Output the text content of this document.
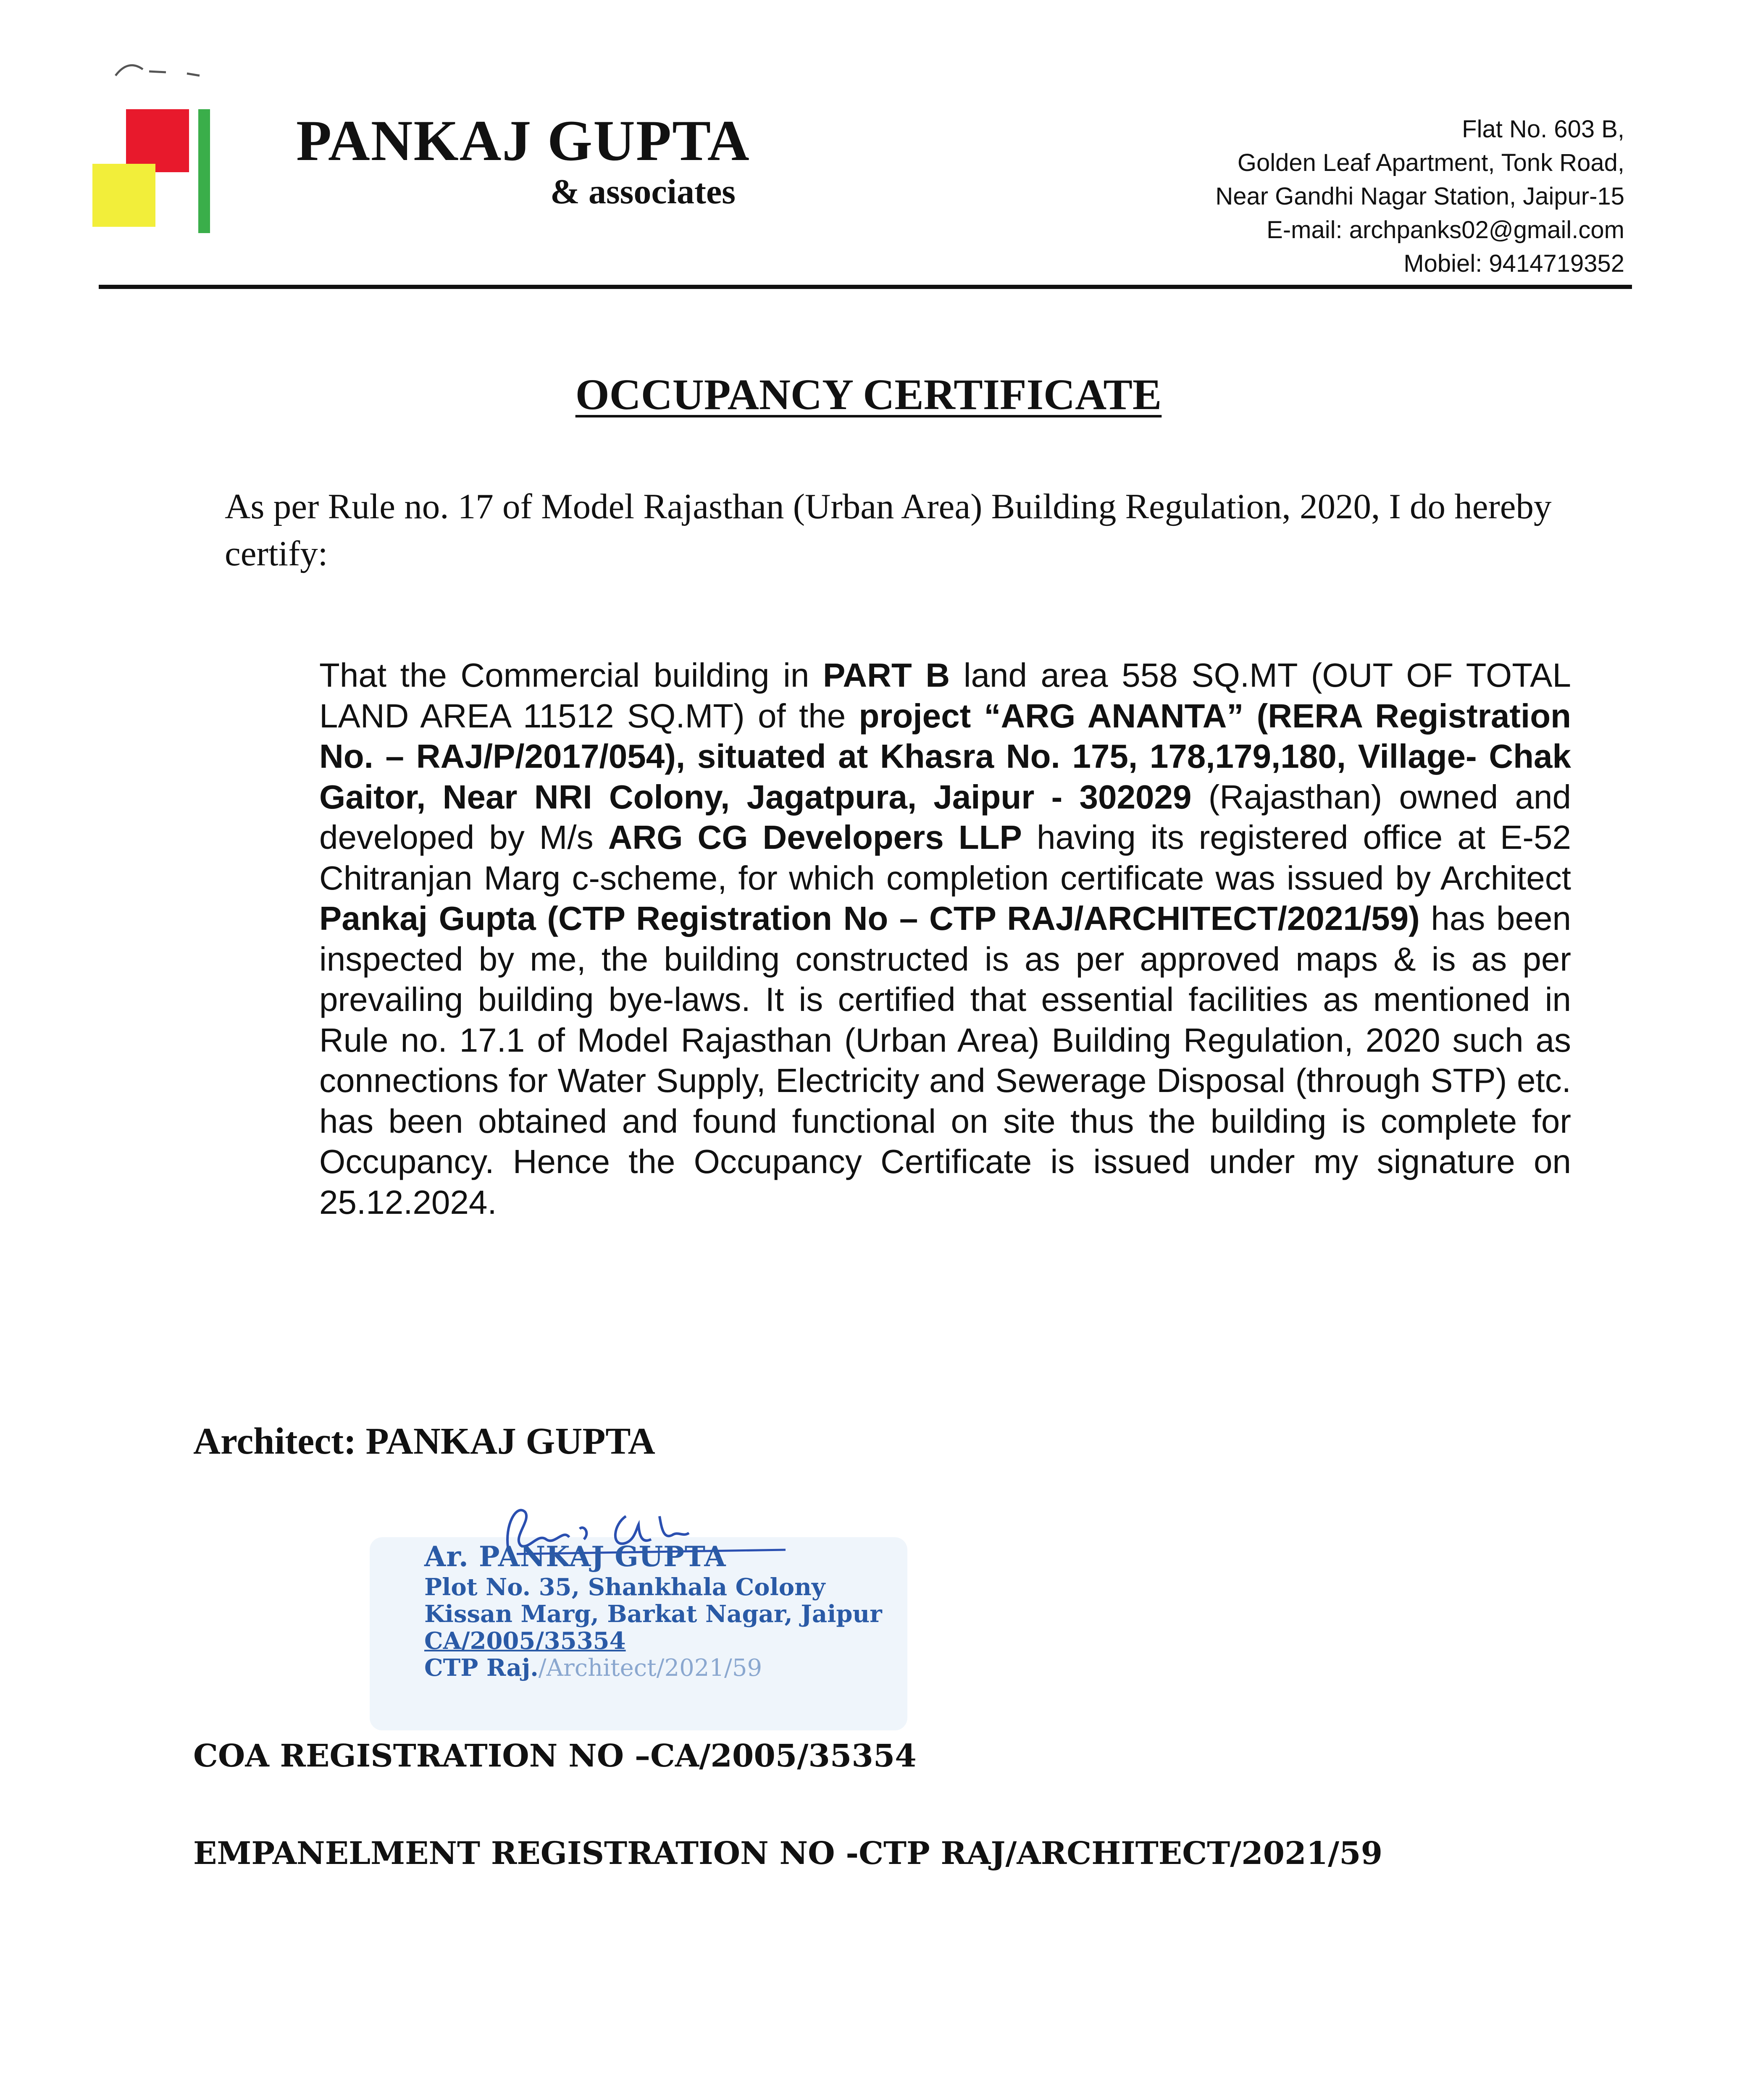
PANKAJ GUPTA
& associates
Flat No. 603 B,
Golden Leaf Apartment, Tonk Road,
Near Gandhi Nagar Station, Jaipur-15
E-mail: archpanks02@gmail.com
Mobiel: 9414719352
OCCUPANCY CERTIFICATE
As per Rule no. 17 of Model Rajasthan (Urban Area) Building Regulation, 2020, I do hereby certify:
That the Commercial building in PART B land area 558 SQ.MT (OUT OF TOTAL LAND AREA 11512 SQ.MT) of the project “ARG ANANTA” (RERA Registration No. – RAJ/P/2017/054), situated at Khasra No. 175, 178,179,180, Village- Chak Gaitor, Near NRI Colony, Jagatpura, Jaipur - 302029 (Rajasthan) owned and developed by M/s ARG CG Developers LLP having its registered office at E-52 Chitranjan Marg c-scheme, for which completion certificate was issued by Architect Pankaj Gupta (CTP Registration No – CTP RAJ/ARCHITECT/2021/59) has been inspected by me, the building constructed is as per approved maps & is as per prevailing building bye-laws. It is certified that essential facilities as mentioned in Rule no. 17.1 of Model Rajasthan (Urban Area) Building Regulation, 2020 such as connections for Water Supply, Electricity and Sewerage Disposal (through STP) etc. has been obtained and found functional on site thus the building is complete for Occupancy. Hence the Occupancy Certificate is issued under my signature on 25.12.2024.
Architect: PANKAJ GUPTA
Ar. PANKAJ GUPTA
Plot No. 35, Shankhala Colony
Kissan Marg, Barkat Nagar, Jaipur
CA/2005/35354
CTP Raj./Architect/2021/59
COA REGISTRATION NO –CA/2005/35354
EMPANELMENT REGISTRATION NO -CTP RAJ/ARCHITECT/2021/59
